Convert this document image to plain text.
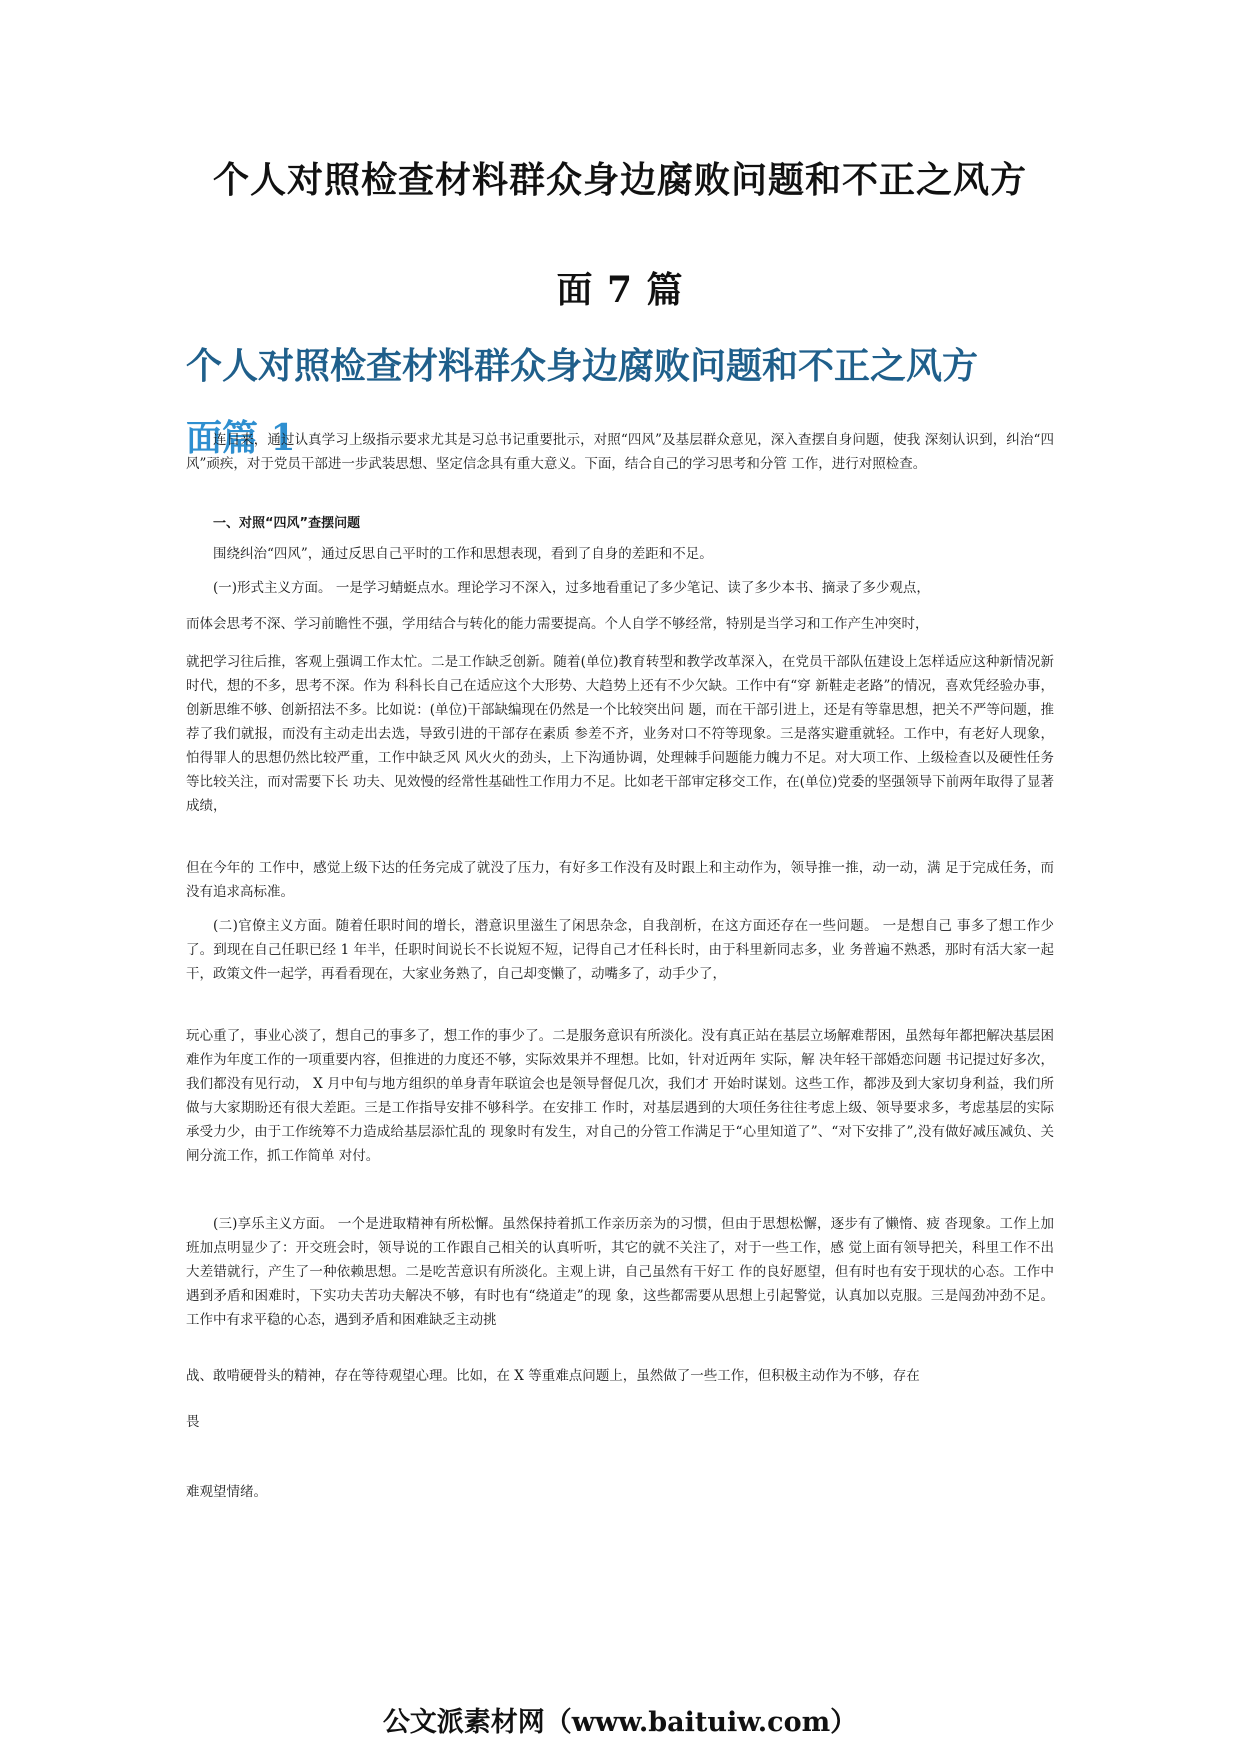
个人对照检查材料群众身边腐败问题和不正之风方
面 7 篇
个人对照检查材料群众身边腐败问题和不正之风方
面篇 1

连日来，通过认真学习上级指示要求尤其是习总书记重要批示，对照“四风”及基层群众意见，深入查摆自身问题，使我 深刻认识到，纠治“四风”顽疾，对于党员干部进一步武装思想、坚定信念具有重大意义。下面，结合自己的学习思考和分管 工作，进行对照检查。

一、对照“四风”查摆问题

围绕纠治“四风”，通过反思自己平时的工作和思想表现，看到了自身的差距和不足。

(一)形式主义方面。 一是学习蜻蜓点水。理论学习不深入，过多地看重记了多少笔记、读了多少本书、摘录了多少观点，

而体会思考不深、学习前瞻性不强，学用结合与转化的能力需要提高。个人自学不够经常，特别是当学习和工作产生冲突时，

就把学习往后推，客观上强调工作太忙。二是工作缺乏创新。随着(单位)教育转型和教学改革深入，在党员干部队伍建设上怎样适应这种新情况新时代，想的不多，思考不深。作为 科科长自己在适应这个大形势、大趋势上还有不少欠缺。工作中有“穿 新鞋走老路”的情况，喜欢凭经验办事，创新思维不够、创新招法不多。比如说：(单位)干部缺编现在仍然是一个比较突出问 题，而在干部引进上，还是有等靠思想，把关不严等问题，推荐了我们就报，而没有主动走出去选，导致引进的干部存在素质 参差不齐，业务对口不符等现象。三是落实避重就轻。工作中，有老好人现象，怕得罪人的思想仍然比较严重，工作中缺乏风 风火火的劲头，上下沟通协调，处理棘手问题能力魄力不足。对大项工作、上级检查以及硬性任务等比较关注，而对需要下长 功夫、见效慢的经常性基础性工作用力不足。比如老干部审定移交工作，在(单位)党委的坚强领导下前两年取得了显著成绩，

但在今年的 工作中，感觉上级下达的任务完成了就没了压力，有好多工作没有及时跟上和主动作为，领导推一推，动一动，满 足于完成任务，而没有追求高标准。

(二)官僚主义方面。随着任职时间的增长，潜意识里滋生了闲思杂念，自我剖析，在这方面还存在一些问题。 一是想自己 事多了想工作少了。到现在自己任职已经 1 年半，任职时间说长不长说短不短，记得自己才任科长时，由于科里新同志多，业 务普遍不熟悉，那时有活大家一起干，政策文件一起学，再看看现在，大家业务熟了，自己却变懒了，动嘴多了，动手少了，

玩心重了，事业心淡了，想自己的事多了，想工作的事少了。二是服务意识有所淡化。没有真正站在基层立场解难帮困，虽然每年都把解决基层困难作为年度工作的一项重要内容，但推进的力度还不够，实际效果并不理想。比如，针对近两年 实际，解 决年轻干部婚恋问题 书记提过好多次，我们都没有见行动， X 月中旬与地方组织的单身青年联谊会也是领导督促几次，我们才 开始时谋划。这些工作，都涉及到大家切身利益，我们所做与大家期盼还有很大差距。三是工作指导安排不够科学。在安排工 作时，对基层遇到的大项任务往往考虑上级、领导要求多，考虑基层的实际承受力少，由于工作统筹不力造成给基层添忙乱的 现象时有发生，对自己的分管工作满足于“心里知道了”、“对下安排了”,没有做好减压减负、关闸分流工作，抓工作简单 对付。

(三)享乐主义方面。 一个是进取精神有所松懈。虽然保持着抓工作亲历亲为的习惯，但由于思想松懈，逐步有了懒惰、疲 沓现象。工作上加班加点明显少了：开交班会时，领导说的工作跟自己相关的认真听听，其它的就不关注了，对于一些工作，感 觉上面有领导把关，科里工作不出大差错就行，产生了一种依赖思想。二是吃苦意识有所淡化。主观上讲，自己虽然有干好工 作的良好愿望，但有时也有安于现状的心态。工作中遇到矛盾和困难时，下实功夫苦功夫解决不够，有时也有“绕道走”的现 象，这些都需要从思想上引起警觉，认真加以克服。三是闯劲冲劲不足。工作中有求平稳的心态，遇到矛盾和困难缺乏主动挑

战、敢啃硬骨头的精神，存在等待观望心理。比如，在 X 等重难点问题上，虽然做了一些工作，但积极主动作为不够，存在

畏

难观望情绪。

公文派素材网（www.baituiw.com）
